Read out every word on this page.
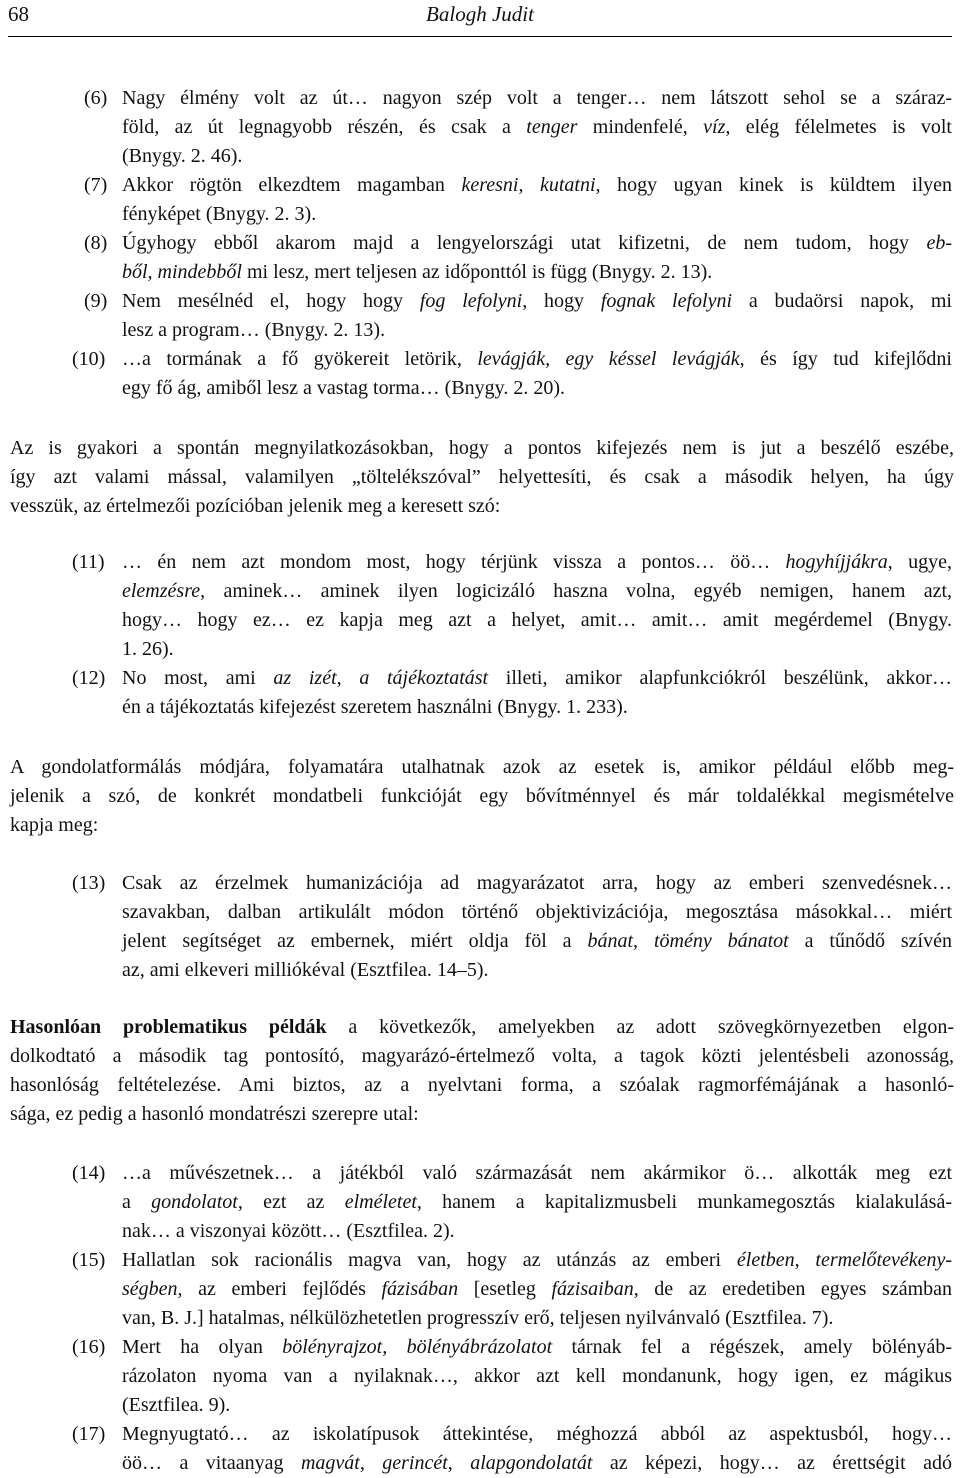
68	Balogh Judit
(6) Nagy élmény volt az út… nagyon szép volt a tenger… nem látszott sehol se a száraz-
föld, az út legnagyobb részén, és csak a tenger mindenfelé, víz, elég félelmetes is volt
(Bnygy. 2. 46).
(7) Akkor rögtön elkezdtem magamban keresni, kutatni, hogy ugyan kinek is küldtem ilyen
fényképet (Bnygy. 2. 3).
(8) Úgyhogy ebből akarom majd a lengyelországi utat kifizetni, de nem tudom, hogy eb-
ből, mindebből mi lesz, mert teljesen az időponttól is függ (Bnygy. 2. 13).
(9) Nem mesélnéd el, hogy hogy fog lefolyni, hogy fognak lefolyni a budaörsi napok, mi
lesz a program… (Bnygy. 2. 13).
(10) …a tormának a fő gyökereit letörik, levágják, egy késsel levágják, és így tud kifejlődni
egy fő ág, amiből lesz a vastag torma… (Bnygy. 2. 20).
Az is gyakori a spontán megnyilatkozásokban, hogy a pontos kifejezés nem is jut a beszélő eszébe,
így azt valami mással, valamilyen „töltelékszóval” helyettesíti, és csak a második helyen, ha úgy
vesszük, az értelmezői pozícióban jelenik meg a keresett szó:
(11) … én nem azt mondom most, hogy térjünk vissza a pontos… öö… hogyhíjjákra, ugye,
elemzésre, aminek… aminek ilyen logicizáló haszna volna, egyéb nemigen, hanem azt,
hogy… hogy ez… ez kapja meg azt a helyet, amit… amit… amit megérdemel (Bnygy.
1. 26).
(12) No most, ami az izét, a tájékoztatást illeti, amikor alapfunkciókról beszélünk, akkor…
én a tájékoztatás kifejezést szeretem használni (Bnygy. 1. 233).
A gondolatformálás módjára, folyamatára utalhatnak azok az esetek is, amikor például előbb meg-
jelenik a szó, de konkrét mondatbeli funkcióját egy bővítménnyel és már toldalékkal megismételve
kapja meg:
(13) Csak az érzelmek humanizációja ad magyarázatot arra, hogy az emberi szenvedésnek…
szavakban, dalban artikulált módon történő objektivizációja, megosztása másokkal… miért
jelent segítséget az embernek, miért oldja föl a bánat, tömény bánatot a tűnődő szívén
az, ami elkeveri milliókéval (Esztfilea. 14–5).
Hasonlóan problematikus példák a következők, amelyekben az adott szövegkörnyezetben elgon-
dolkodtató a második tag pontosító, magyarázó-értelmező volta, a tagok közti jelentésbeli azonosság,
hasonlóság feltételezése. Ami biztos, az a nyelvtani forma, a szóalak ragmorfémájának a hasonló-
sága, ez pedig a hasonló mondatrészi szerepre utal:
(14) …a művészetnek… a játékból való származását nem akármikor ö… alkották meg ezt
a gondolatot, ezt az elméletet, hanem a kapitalizmusbeli munkamegosztás kialakulásá-
nak… a viszonyai között… (Esztfilea. 2).
(15) Hallatlan sok racionális magva van, hogy az utánzás az emberi életben, termelőtevékeny-
ségben, az emberi fejlődés fázisában [esetleg fázisaiban, de az eredetiben egyes számban
van, B. J.] hatalmas, nélkülözhetetlen progresszív erő, teljesen nyilvánvaló (Esztfilea. 7).
(16) Mert ha olyan bölényrajzot, bölényábrázolatot tárnak fel a régészek, amely bölényáb-
rázolaton nyoma van a nyilaknak…, akkor azt kell mondanunk, hogy igen, ez mágikus
(Esztfilea. 9).
(17) Megnyugtató… az iskolatípusok áttekintése, méghozzá abból az aspektusból, hogy…
öö… a vitaanyag magvát, gerincét, alapgondolatát az képezi, hogy… az érettségit adó
